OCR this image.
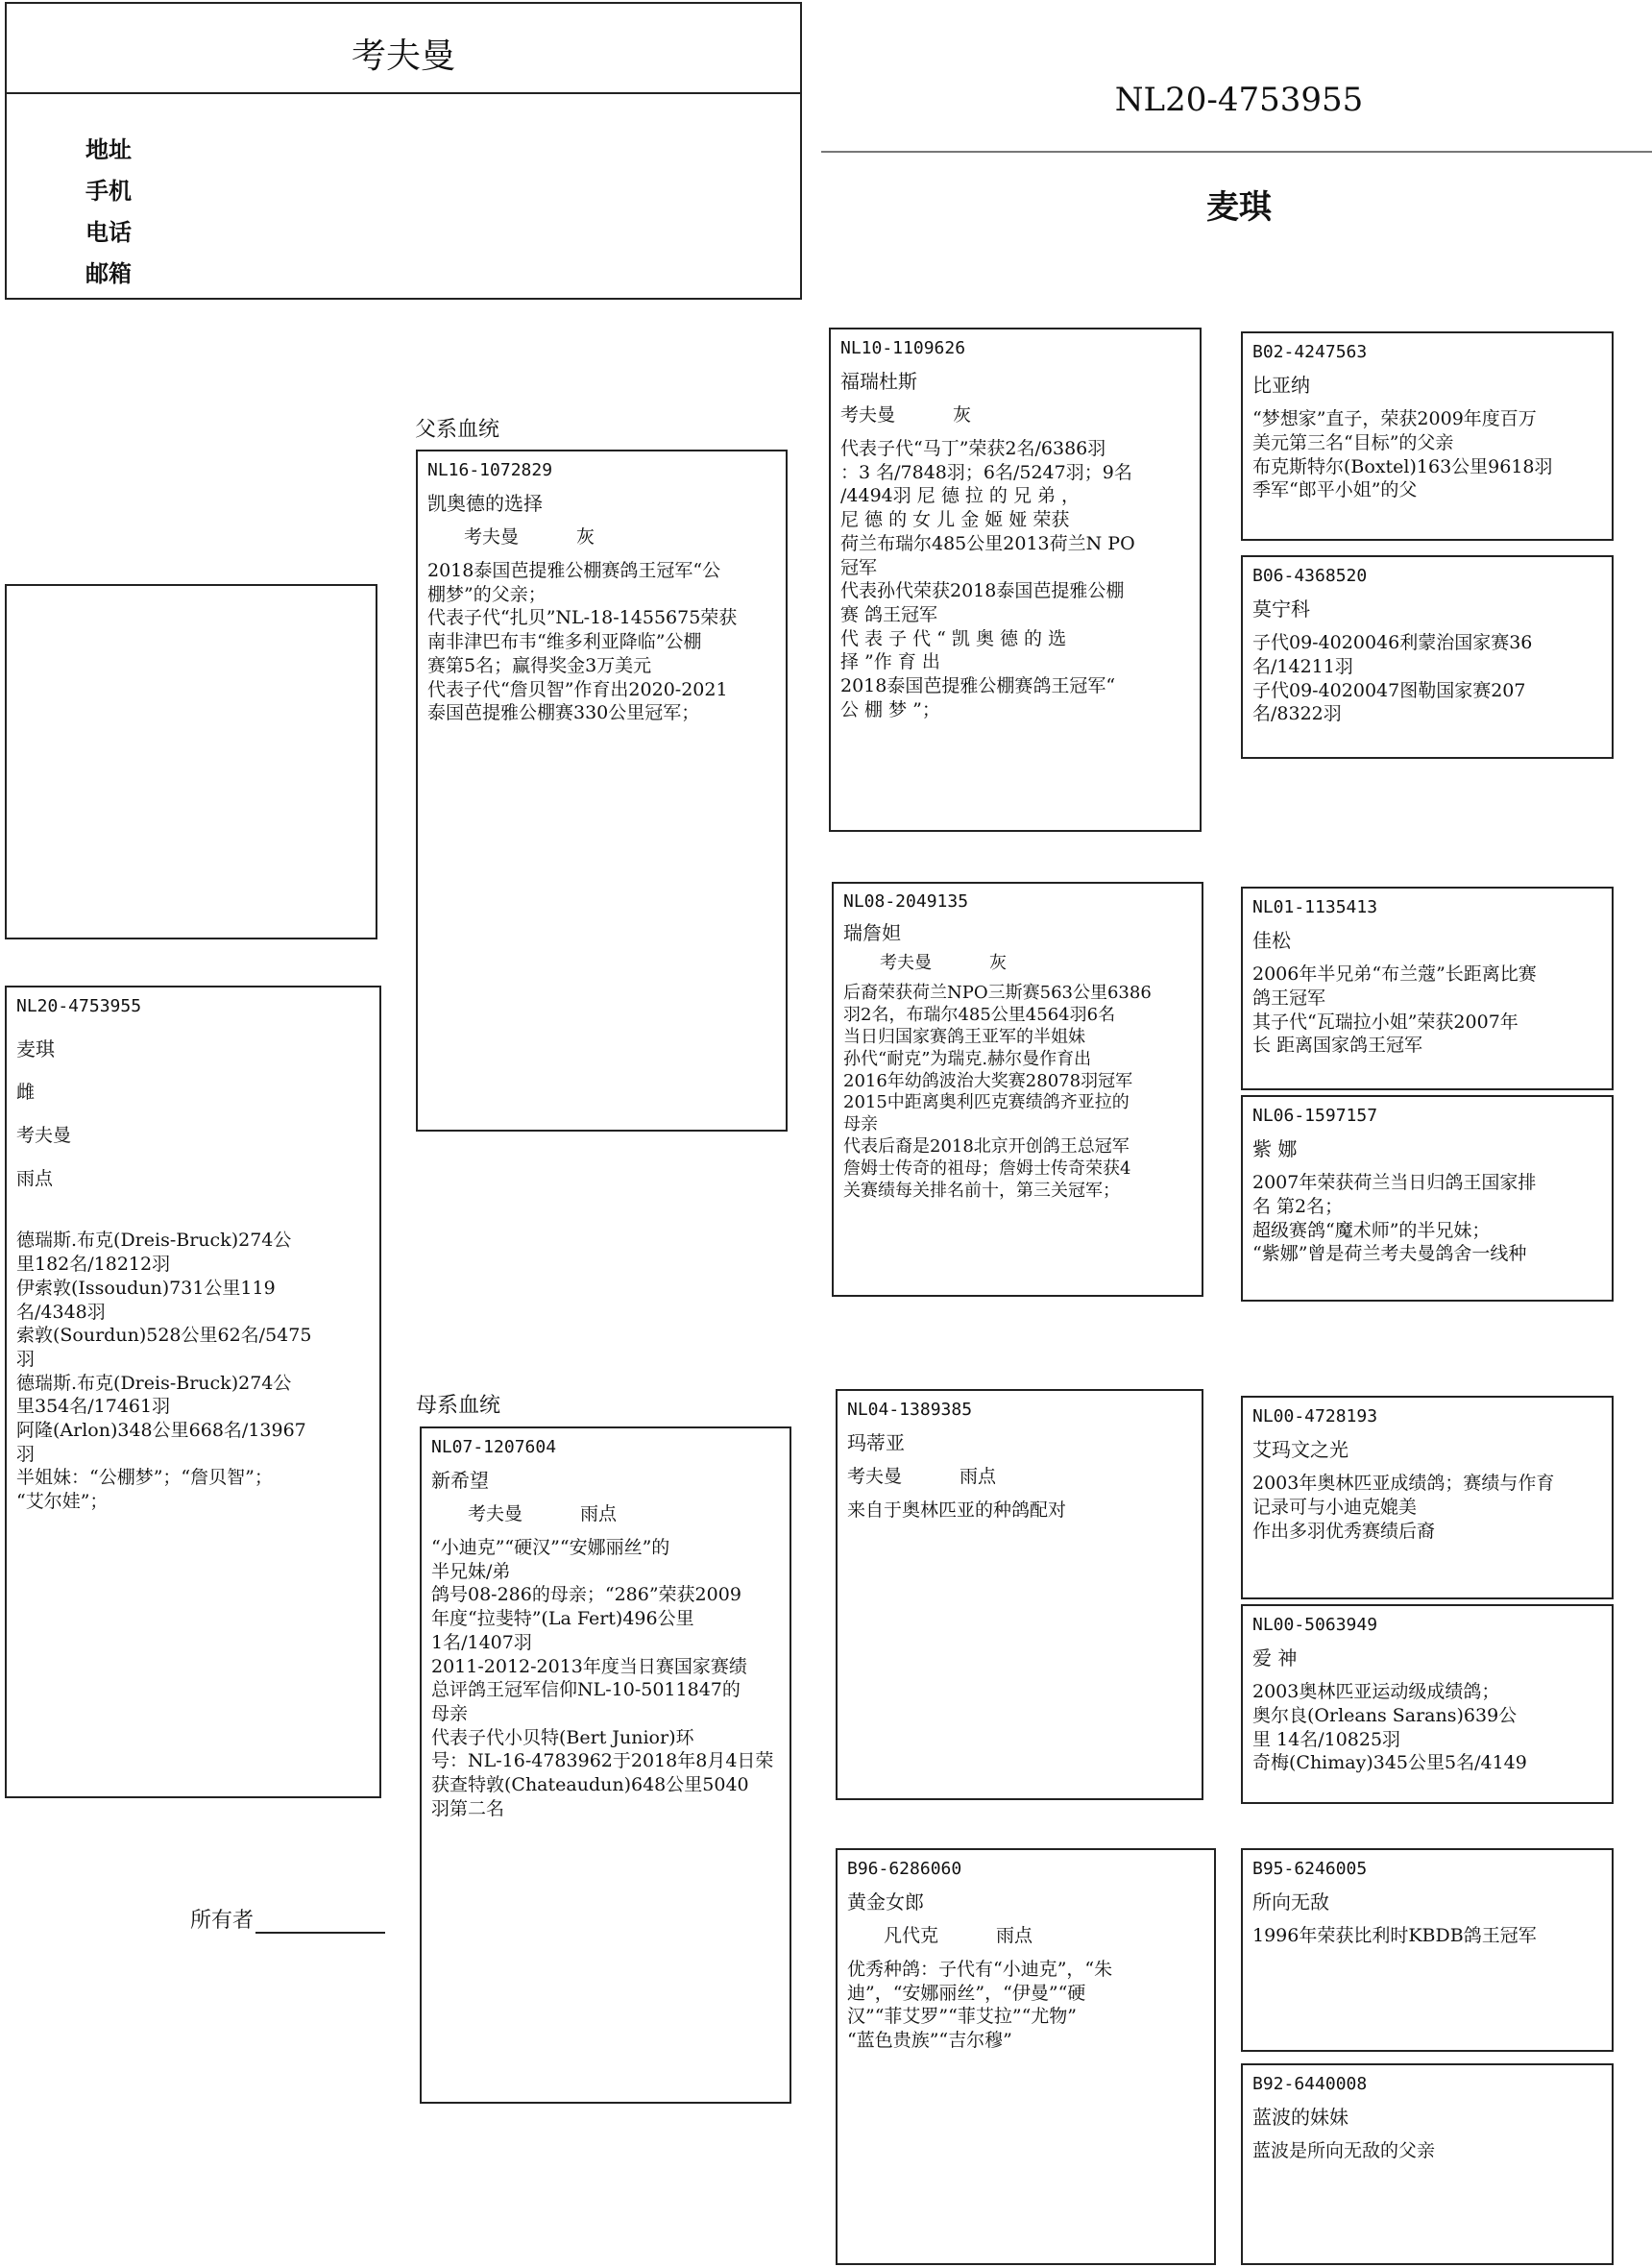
考夫曼
地址
手机
电话
邮箱
NL20-4753955
麦琪
NL20-4753955
麦琪
雌
考夫曼
雨点
德瑞斯.布克(Dreis-Bruck)274公
里182名/18212羽
伊索敦(Issoudun)731公里119
名/4348羽
索敦(Sourdun)528公里62名/5475
羽
德瑞斯.布克(Dreis-Bruck)274公
里354名/17461羽
阿隆(Arlon)348公里668名/13967
羽
半姐妹：“公棚梦”；“詹贝智”；
“艾尔娃”；
所有者
父系血统
NL16-1072829
凯奥德的选择
考夫曼	灰
2018泰国芭提雅公棚赛鸽王冠军“公
棚梦”的父亲；
代表子代“扎贝”NL-18-1455675荣获
南非津巴布韦“维多利亚降临”公棚
赛第5名；赢得奖金3万美元
代表子代“詹贝智”作育出2020-2021
泰国芭提雅公棚赛330公里冠军；
母系血统
NL07-1207604
新希望
考夫曼	雨点
“小迪克”“硬汉”“安娜丽丝”的
半兄妹/弟
鸽号08-286的母亲；“286”荣获2009
年度“拉斐特”(La Fert)496公里
1名/1407羽
2011-2012-2013年度当日赛国家赛绩
总评鸽王冠军信仰NL-10-5011847的
母亲
代表子代小贝特(Bert Junior)环
号：NL-16-4783962于2018年8月4日荣
获查特敦(Chateaudun)648公里5040
羽第二名
NL10-1109626
福瑞杜斯
考夫曼	灰
代表子代“马丁”荣获2名/6386羽
：3 名/7848羽；6名/5247羽；9名
/4494羽 尼 德 拉 的 兄 弟 ，
尼 德 的 女 儿 金 姬 娅 荣获
荷兰布瑞尔485公里2013荷兰N PO
冠军
代表孙代荣获2018泰国芭提雅公棚
赛 鸽王冠军
代 表 子 代 “ 凯 奥 德 的 选
择 ”作 育 出
2018泰国芭提雅公棚赛鸽王冠军“
公 棚 梦 ”；
NL08-2049135
瑞詹妲
考夫曼	灰
后裔荣获荷兰NPO三斯赛563公里6386
羽2名，布瑞尔485公里4564羽6名
当日归国家赛鸽王亚军的半姐妹
孙代“耐克”为瑞克.赫尔曼作育出
2016年幼鸽波治大奖赛28078羽冠军
2015中距离奥利匹克赛绩鸽齐亚拉的
母亲
代表后裔是2018北京开创鸽王总冠军
詹姆士传奇的祖母；詹姆士传奇荣获4
关赛绩每关排名前十，第三关冠军；
NL04-1389385
玛蒂亚
考夫曼	雨点
来自于奥林匹亚的种鸽配对
B96-6286060
黄金女郎
凡代克	雨点
优秀种鸽：子代有“小迪克”，“朱
迪”，“安娜丽丝”，“伊曼”“硬
汉”“菲艾罗”“菲艾拉”“尤物”
“蓝色贵族”“吉尔穆”
B02-4247563
比亚纳
“梦想家”直子，荣获2009年度百万
美元第三名“目标”的父亲
布克斯特尔(Boxtel)163公里9618羽
季军“郎平小姐”的父
B06-4368520
莫宁科
子代09-4020046利蒙治国家赛36
名/14211羽
子代09-4020047图勒国家赛207
名/8322羽
NL01-1135413
佳松
2006年半兄弟“布兰蔻”长距离比赛
鸽王冠军
其子代“瓦瑞拉小姐”荣获2007年
长 距离国家鸽王冠军
NL06-1597157
紫 娜
2007年荣获荷兰当日归鸽王国家排
名 第2名；
超级赛鸽“魔术师”的半兄妹；
“紫娜”曾是荷兰考夫曼鸽舍一线种
NL00-4728193
艾玛文之光
2003年奥林匹亚成绩鸽；赛绩与作育
记录可与小迪克媲美
作出多羽优秀赛绩后裔
NL00-5063949
爱 神
2003奥林匹亚运动级成绩鸽；
奥尔良(Orleans Sarans)639公
里 14名/10825羽
奇梅(Chimay)345公里5名/4149
B95-6246005
所向无敌
1996年荣获比利时KBDB鸽王冠军
B92-6440008
蓝波的妹妹
蓝波是所向无敌的父亲
